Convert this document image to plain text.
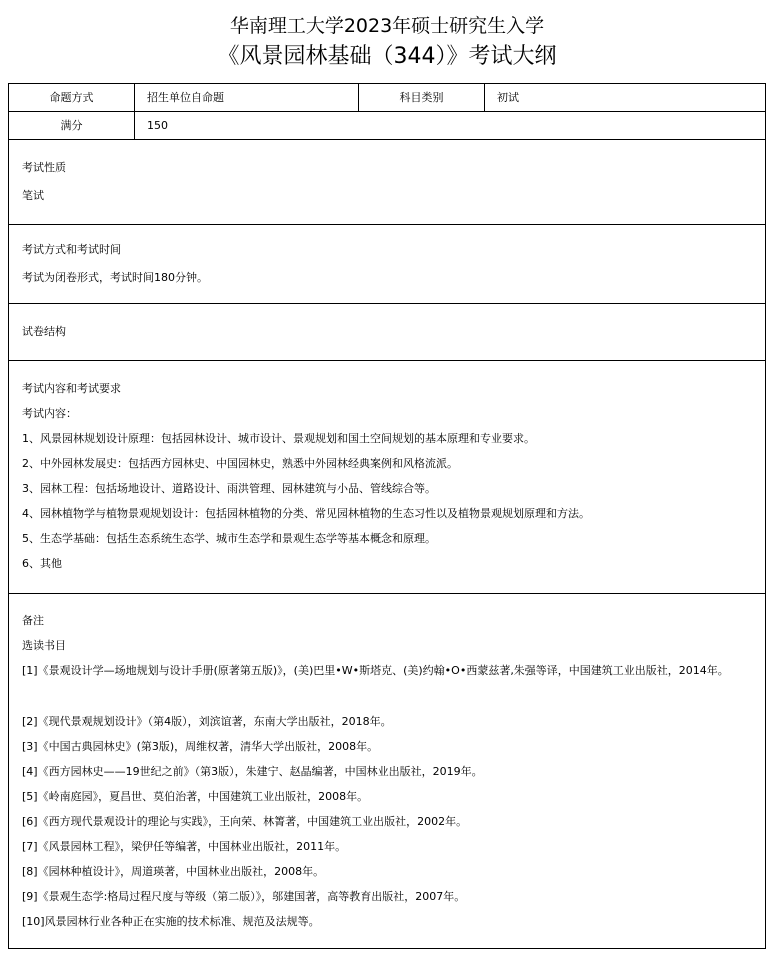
华南理工大学2023年硕士研究生入学
《风景园林基础（344）》考试大纲
命题方式	招生单位自命题	科目类别	初试
满分	150
考试性质
笔试
考试方式和考试时间
考试为闭卷形式，考试时间180分钟。
试卷结构
考试内容和考试要求
考试内容：
1、风景园林规划设计原理：包括园林设计、城市设计、景观规划和国土空间规划的基本原理和专业要求。
2、中外园林发展史：包括西方园林史、中国园林史，熟悉中外园林经典案例和风格流派。
3、园林工程：包括场地设计、道路设计、雨洪管理、园林建筑与小品、管线综合等。
4、园林植物学与植物景观规划设计：包括园林植物的分类、常见园林植物的生态习性以及植物景观规划原理和方法。
5、生态学基础：包括生态系统生态学、城市生态学和景观生态学等基本概念和原理。
6、其他
备注
选读书目
[1]《景观设计学—场地规划与设计手册(原著第五版)》，(美)巴里•W•斯塔克、(美)约翰•O•西蒙兹著,朱强等译，中国建筑工业出版社，2014年。
[2]《现代景观规划设计》（第4版），刘滨谊著，东南大学出版社，2018年。
[3]《中国古典园林史》(第3版)，周维权著，清华大学出版社，2008年。
[4]《西方园林史——19世纪之前》（第3版），朱建宁、赵晶编著，中国林业出版社，2019年。
[5]《岭南庭园》，夏昌世、莫伯治著，中国建筑工业出版社，2008年。
[6]《西方现代景观设计的理论与实践》，王向荣、林箐著，中国建筑工业出版社，2002年。
[7]《风景园林工程》，梁伊任等编著，中国林业出版社，2011年。
[8]《园林种植设计》，周道瑛著，中国林业出版社，2008年。
[9]《景观生态学:格局过程尺度与等级（第二版）》，邬建国著，高等教育出版社，2007年。
[10]风景园林行业各种正在实施的技术标准、规范及法规等。
